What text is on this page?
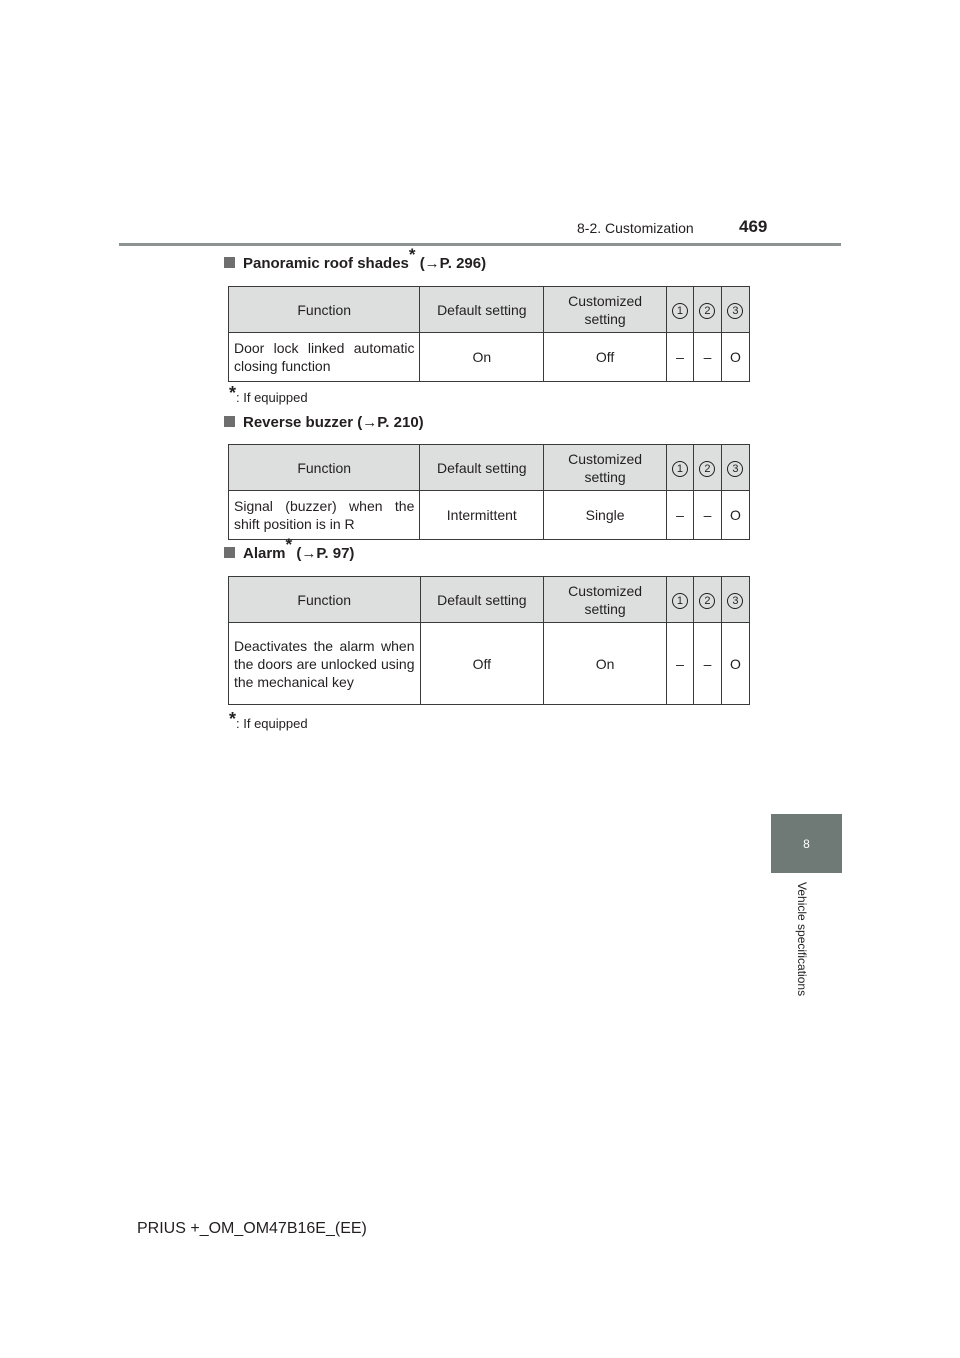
8-2. Customization	469
8
Vehicle specifications
Panoramic roof shades* (→P. 296)
Function	Default setting	Customized setting	1	2	3
Door lock linked automatic closing function	On	Off	–	–	O
*: If equipped
Reverse buzzer (→P. 210)
Function	Default setting	Customized setting	1	2	3
Signal (buzzer) when the shift position is in R	Intermittent	Single	–	–	O
Alarm* (→P. 97)
Function	Default setting	Customized setting	1	2	3
Deactivates the alarm when the doors are unlocked using the mechanical key	Off	On	–	–	O
*: If equipped
PRIUS +_OM_OM47B16E_(EE)
